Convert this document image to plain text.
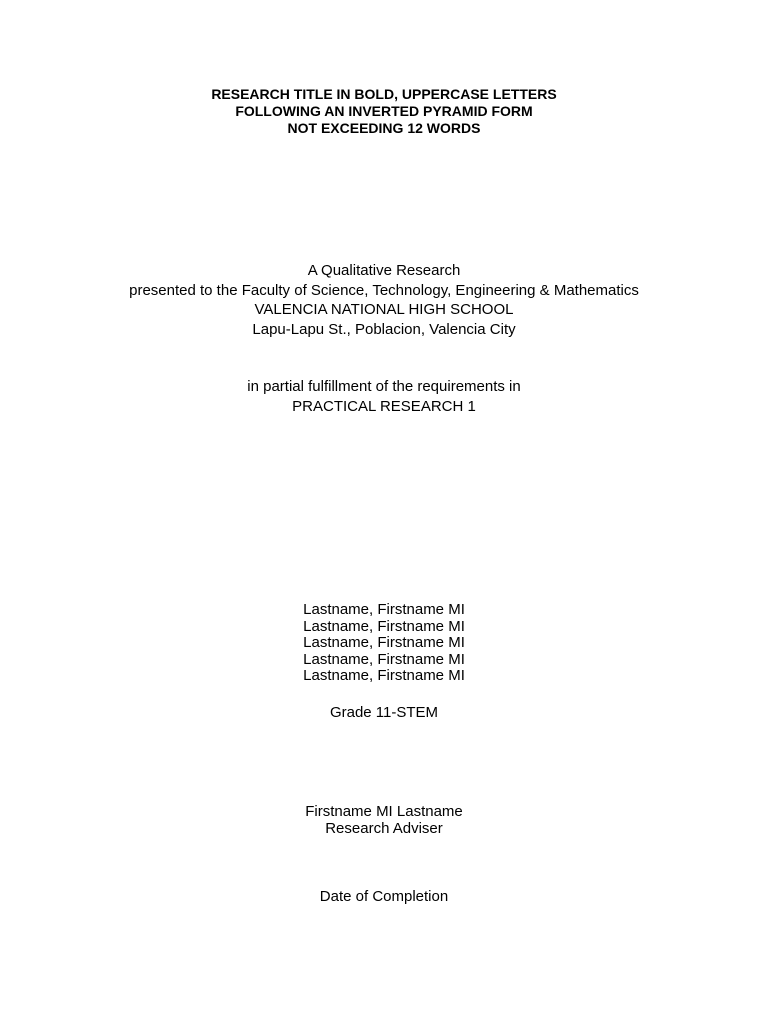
RESEARCH TITLE IN BOLD, UPPERCASE LETTERS
FOLLOWING AN INVERTED PYRAMID FORM
NOT EXCEEDING 12 WORDS
A Qualitative Research
presented to the Faculty of Science, Technology, Engineering & Mathematics
VALENCIA NATIONAL HIGH SCHOOL
Lapu-Lapu St., Poblacion, Valencia City
in partial fulfillment of the requirements in
PRACTICAL RESEARCH 1
Lastname, Firstname MI
Lastname, Firstname MI
Lastname, Firstname MI
Lastname, Firstname MI
Lastname, Firstname MI
Grade 11-STEM
Firstname MI Lastname
Research Adviser
Date of Completion
